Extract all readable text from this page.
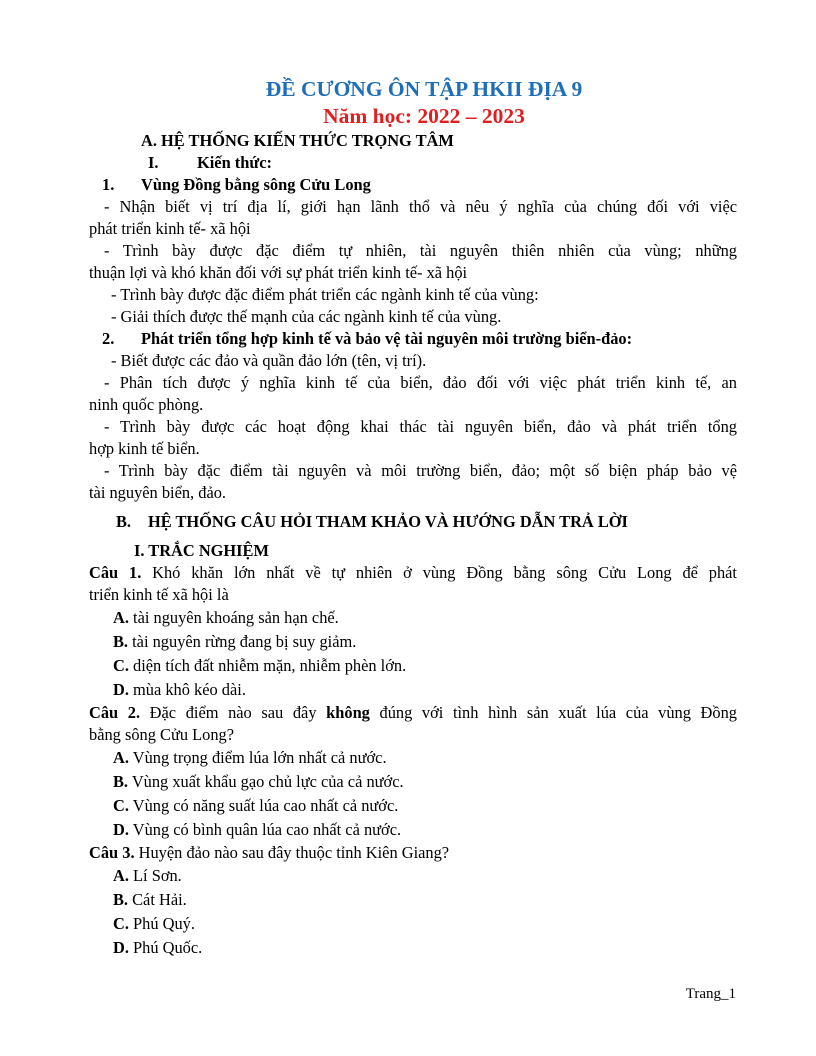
ĐỀ CƯƠNG ÔN TẬP HKII ĐỊA 9
Năm học: 2022 – 2023
A. HỆ THỐNG KIẾN THỨC TRỌNG TÂM
I. Kiến thức:
1. Vùng Đồng bằng sông Cửu Long
- Nhận biết vị trí địa lí, giới hạn lãnh thổ và nêu ý nghĩa của chúng đối với việc
phát triển kinh tế- xã hội
- Trình bày được đặc điểm tự nhiên, tài nguyên thiên nhiên của vùng; những
thuận lợi và khó khăn đối với sự phát triển kinh tế- xã hội
- Trình bày được đặc điểm phát triển các ngành kinh tế của vùng:
- Giải thích được thế mạnh của các ngành kinh tế của vùng.
2. Phát triển tổng hợp kinh tế và bảo vệ tài nguyên môi trường biển-đảo:
- Biết được các đảo và quần đảo lớn (tên, vị trí).
- Phân tích được ý nghĩa kinh tế của biển, đảo đối với việc phát triển kinh tế, an
ninh quốc phòng.
- Trình bày được các hoạt động khai thác tài nguyên biển, đảo và phát triển tổng
hợp kinh tế biển.
- Trình bày đặc điểm tài nguyên và môi trường biển, đảo; một số biện pháp bảo vệ
tài nguyên biển, đảo.
B. HỆ THỐNG CÂU HỎI THAM KHẢO VÀ HƯỚNG DẪN TRẢ LỜI
I. TRẮC NGHIỆM
Câu 1. Khó khăn lớn nhất về tự nhiên ở vùng Đồng bằng sông Cửu Long để phát
triển kinh tế xã hội là
A. tài nguyên khoáng sản hạn chế.
B. tài nguyên rừng đang bị suy giảm.
C. diện tích đất nhiễm mặn, nhiễm phèn lớn.
D. mùa khô kéo dài.
Câu 2. Đặc điểm nào sau đây không đúng với tình hình sản xuất lúa của vùng Đồng
bằng sông Cửu Long?
A. Vùng trọng điểm lúa lớn nhất cả nước.
B. Vùng xuất khẩu gạo chủ lực của cả nước.
C. Vùng có năng suất lúa cao nhất cả nước.
D. Vùng có bình quân lúa cao nhất cả nước.
Câu 3. Huyện đảo nào sau đây thuộc tỉnh Kiên Giang?
A. Lí Sơn.
B. Cát Hải.
C. Phú Quý.
D. Phú Quốc.
Trang_1
